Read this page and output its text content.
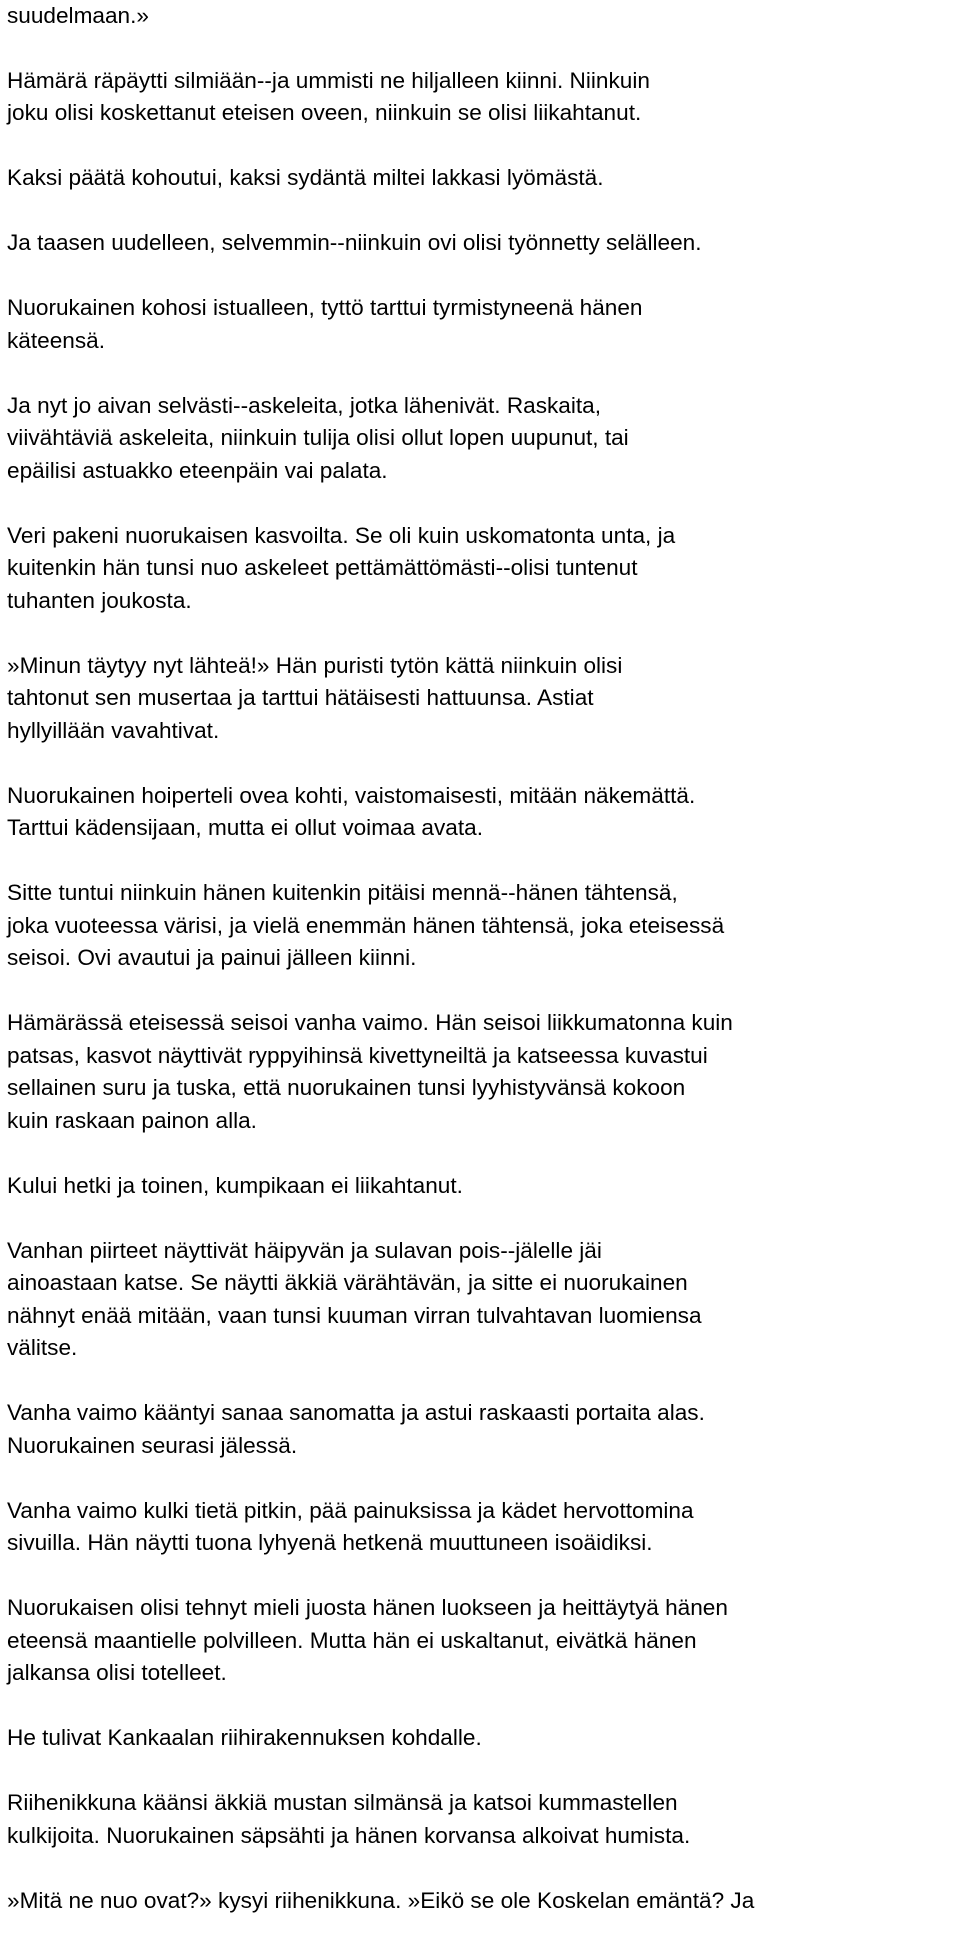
suudelmaan.»

Hämärä räpäytti silmiään--ja ummisti ne hiljalleen kiinni. Niinkuin
joku olisi koskettanut eteisen oveen, niinkuin se olisi liikahtanut.

Kaksi päätä kohoutui, kaksi sydäntä miltei lakkasi lyömästä.

Ja taasen uudelleen, selvemmin--niinkuin ovi olisi työnnetty selälleen.

Nuorukainen kohosi istualleen, tyttö tarttui tyrmistyneenä hänen
käteensä.

Ja nyt jo aivan selvästi--askeleita, jotka lähenivät. Raskaita,
viivähtäviä askeleita, niinkuin tulija olisi ollut lopen uupunut, tai
epäilisi astuakko eteenpäin vai palata.

Veri pakeni nuorukaisen kasvoilta. Se oli kuin uskomatonta unta, ja
kuitenkin hän tunsi nuo askeleet pettämättömästi--olisi tuntenut
tuhanten joukosta.

»Minun täytyy nyt lähteä!» Hän puristi tytön kättä niinkuin olisi
tahtonut sen musertaa ja tarttui hätäisesti hattuunsa. Astiat
hyllyillään vavahtivat.

Nuorukainen hoiperteli ovea kohti, vaistomaisesti, mitään näkemättä.
Tarttui kädensijaan, mutta ei ollut voimaa avata.

Sitte tuntui niinkuin hänen kuitenkin pitäisi mennä--hänen tähtensä,
joka vuoteessa värisi, ja vielä enemmän hänen tähtensä, joka eteisessä
seisoi. Ovi avautui ja painui jälleen kiinni.

Hämärässä eteisessä seisoi vanha vaimo. Hän seisoi liikkumatonna kuin
patsas, kasvot näyttivät ryppyihinsä kivettyneiltä ja katseessa kuvastui
sellainen suru ja tuska, että nuorukainen tunsi lyyhistyvänsä kokoon
kuin raskaan painon alla.

Kului hetki ja toinen, kumpikaan ei liikahtanut.

Vanhan piirteet näyttivät häipyvän ja sulavan pois--jälelle jäi
ainoastaan katse. Se näytti äkkiä värähtävän, ja sitte ei nuorukainen
nähnyt enää mitään, vaan tunsi kuuman virran tulvahtavan luomiensa
välitse.

Vanha vaimo kääntyi sanaa sanomatta ja astui raskaasti portaita alas.
Nuorukainen seurasi jälessä.

Vanha vaimo kulki tietä pitkin, pää painuksissa ja kädet hervottomina
sivuilla. Hän näytti tuona lyhyenä hetkenä muuttuneen isoäidiksi.

Nuorukaisen olisi tehnyt mieli juosta hänen luokseen ja heittäytyä hänen
eteensä maantielle polvilleen. Mutta hän ei uskaltanut, eivätkä hänen
jalkansa olisi totelleet.

He tulivat Kankaalan riihirakennuksen kohdalle.

Riihenikkuna käänsi äkkiä mustan silmänsä ja katsoi kummastellen
kulkijoita. Nuorukainen säpsähti ja hänen korvansa alkoivat humista.

»Mitä ne nuo ovat?» kysyi riihenikkuna. »Eikö se ole Koskelan emäntä? Ja
